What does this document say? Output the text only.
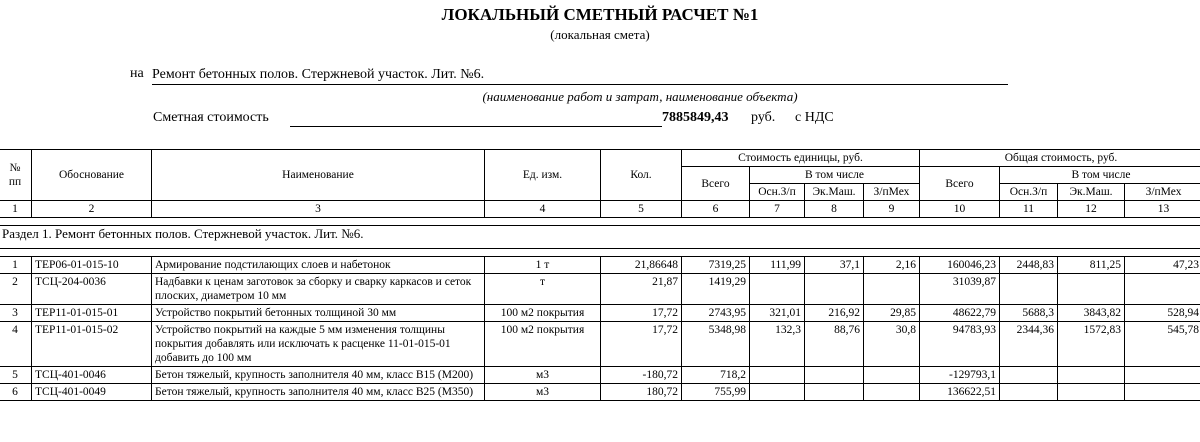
ЛОКАЛЬНЫЙ СМЕТНЫЙ РАСЧЕТ №1
(локальная смета)
на Ремонт бетонных полов. Стержневой участок. Лит. №6.
(наименование работ и затрат, наименование объекта)
Сметная стоимость	7885849,43 руб. с НДС
№ пп	Обоснование	Наименование	Ед. изм.	Кол.	Стоимость единицы, руб.				Общая стоимость, руб.			
					Всего	В том числе			Всего	В том числе		
						Осн.З/п	Эк.Маш.	З/пМех		Осн.З/п	Эк.Маш.	З/пМех
1	2	3	4	5	6	7	8	9	10	11	12	13

Раздел 1. Ремонт бетонных полов. Стержневой участок. Лит. №6.												

1	ТЕР06-01-015-10	Армирование подстилающих слоев и набетонок	1 т	21,86648	7319,25	111,99	37,1	2,16	160046,23	2448,83	811,25	47,23
2	ТСЦ-204-0036	Надбавки к ценам заготовок за сборку и сварку каркасов и сеток плоских, диаметром 10 мм	т	21,87	1419,29				31039,87			
3	ТЕР11-01-015-01	Устройство покрытий бетонных толщиной 30 мм	100 м2 покрытия	17,72	2743,95	321,01	216,92	29,85	48622,79	5688,3	3843,82	528,94
4	ТЕР11-01-015-02	Устройство покрытий на каждые 5 мм изменения толщины покрытия добавлять или исключать к расценке 11-01-015-01 добавить до 100 мм	100 м2 покрытия	17,72	5348,98	132,3	88,76	30,8	94783,93	2344,36	1572,83	545,78
5	ТСЦ-401-0046	Бетон тяжелый, крупность заполнителя 40 мм, класс В15 (М200)	м3	-180,72	718,2				-129793,1			
6	ТСЦ-401-0049	Бетон тяжелый, крупность заполнителя 40 мм, класс В25 (М350)	м3	180,72	755,99				136622,51			
